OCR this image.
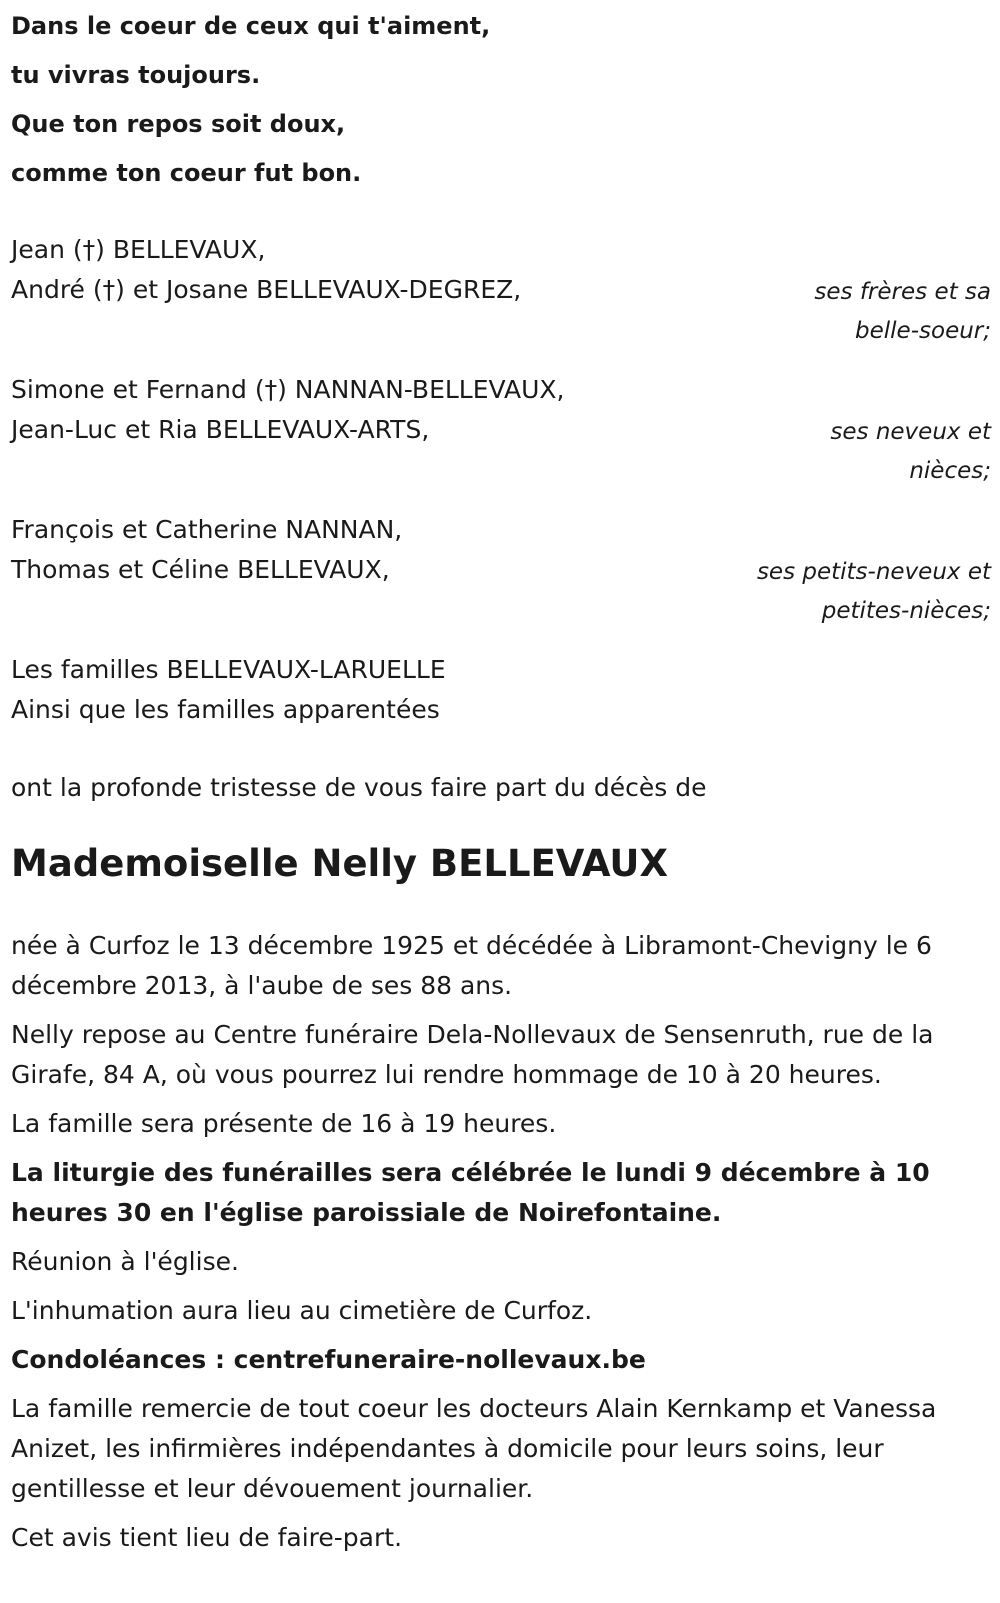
Dans le coeur de ceux qui t'aiment,

tu vivras toujours.

Que ton repos soit doux,

comme ton coeur fut bon.

Jean (†) BELLEVAUX,
André (†) et Josane BELLEVAUX-DEGREZ,	ses frères et sa
belle-soeur;
Simone et Fernand (†) NANNAN-BELLEVAUX,
Jean-Luc et Ria BELLEVAUX-ARTS,	ses neveux et
nièces;
François et Catherine NANNAN,
Thomas et Céline BELLEVAUX,	ses petits-neveux et
petites-nièces;
Les familles BELLEVAUX-LARUELLE
Ainsi que les familles apparentées
ont la profonde tristesse de vous faire part du décès de
Mademoiselle Nelly BELLEVAUX

née à Curfoz le 13 décembre 1925 et décédée à Libramont-Chevigny le 6 décembre 2013, à l'aube de ses 88 ans.

Nelly repose au Centre funéraire Dela-Nollevaux de Sensenruth, rue de la Girafe, 84 A, où vous pourrez lui rendre hommage de 10 à 20 heures.

La famille sera présente de 16 à 19 heures.

La liturgie des funérailles sera célébrée le lundi 9 décembre à 10 heures 30 en l'église paroissiale de Noirefontaine.

Réunion à l'église.

L'inhumation aura lieu au cimetière de Curfoz.

Condoléances : centrefuneraire-nollevaux.be

La famille remercie de tout coeur les docteurs Alain Kernkamp et Vanessa Anizet, les infirmières indépendantes à domicile pour leurs soins, leur gentillesse et leur dévouement journalier.

Cet avis tient lieu de faire-part.
